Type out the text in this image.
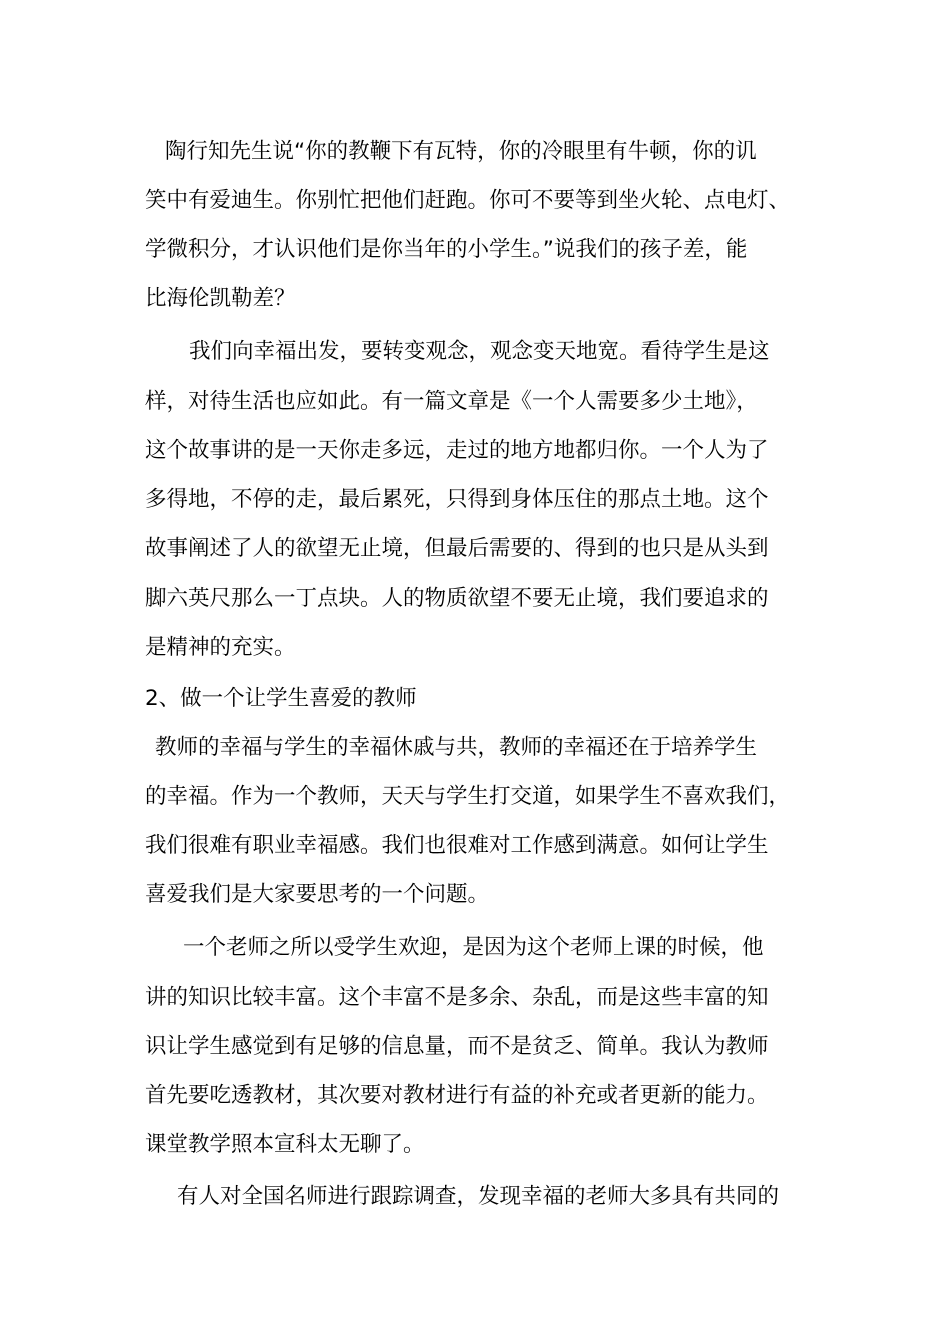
陶行知先生说“你的教鞭下有瓦特，你的冷眼里有牛顿，你的讥
笑中有爱迪生。你别忙把他们赶跑。你可不要等到坐火轮、点电灯、
学微积分，才认识他们是你当年的小学生。”说我们的孩子差，能
比海伦凯勒差？
我们向幸福出发，要转变观念，观念变天地宽。看待学生是这
样，对待生活也应如此。有一篇文章是《一个人需要多少土地》，
这个故事讲的是一天你走多远，走过的地方地都归你。一个人为了
多得地，不停的走，最后累死，只得到身体压住的那点土地。这个
故事阐述了人的欲望无止境，但最后需要的、得到的也只是从头到
脚六英尺那么一丁点块。人的物质欲望不要无止境，我们要追求的
是精神的充实。
2、做一个让学生喜爱的教师
教师的幸福与学生的幸福休戚与共，教师的幸福还在于培养学生
的幸福。作为一个教师，天天与学生打交道，如果学生不喜欢我们，
我们很难有职业幸福感。我们也很难对工作感到满意。如何让学生
喜爱我们是大家要思考的一个问题。
一个老师之所以受学生欢迎，是因为这个老师上课的时候，他
讲的知识比较丰富。这个丰富不是多余、杂乱，而是这些丰富的知
识让学生感觉到有足够的信息量，而不是贫乏、简单。我认为教师
首先要吃透教材，其次要对教材进行有益的补充或者更新的能力。
课堂教学照本宣科太无聊了。
有人对全国名师进行跟踪调查，发现幸福的老师大多具有共同的
